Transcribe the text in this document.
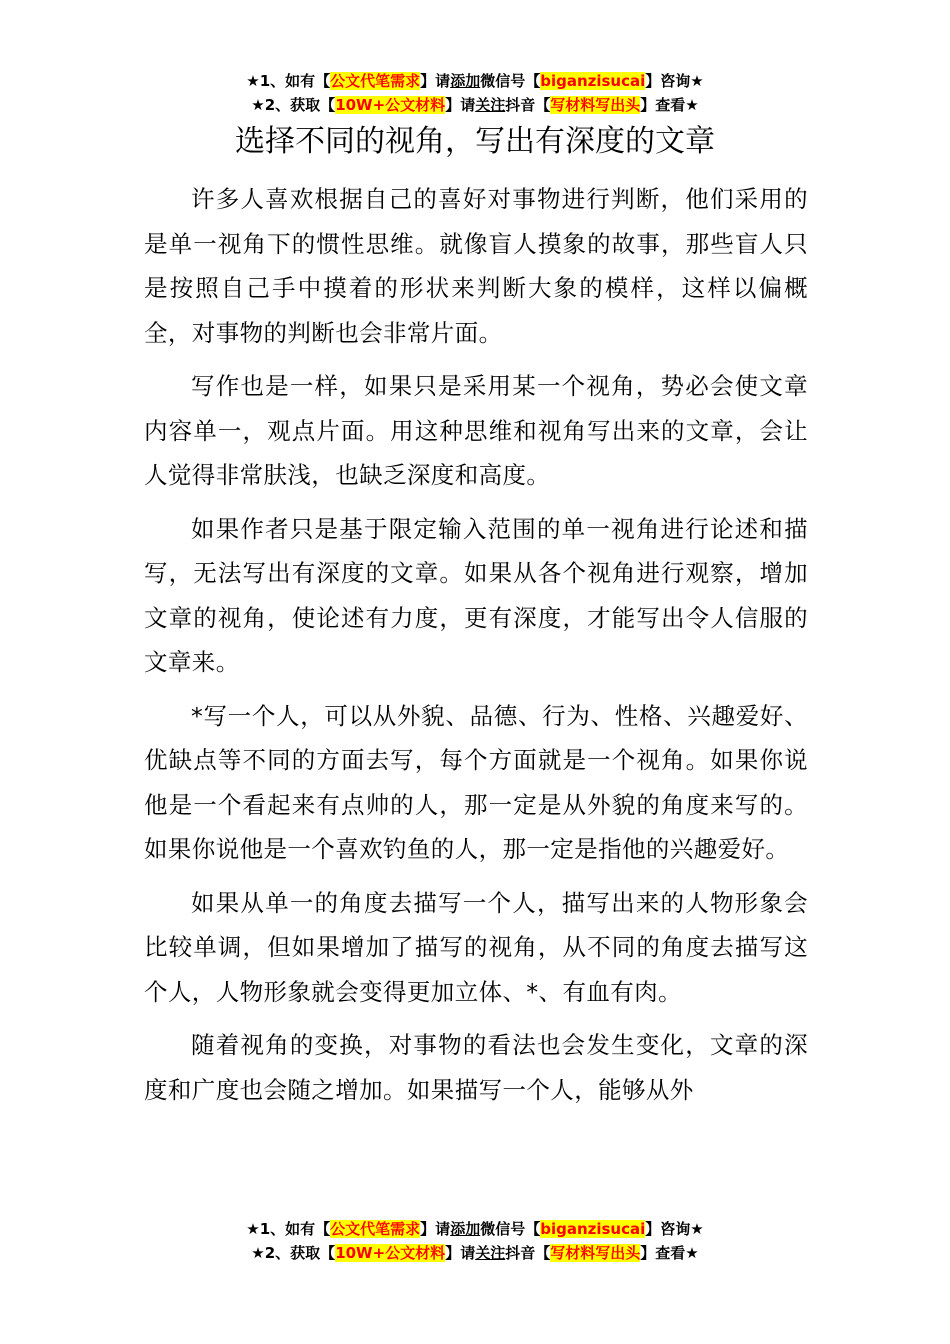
★1、如有【公文代笔需求】请添加微信号【biganzisucai】咨询★
★2、获取【10W+公文材料】请关注抖音【写材料写出头】查看★
选择不同的视角，写出有深度的文章

许多人喜欢根据自己的喜好对事物进行判断，他们采用的是单一视角下的惯性思维。就像盲人摸象的故事，那些盲人只是按照自己手中摸着的形状来判断大象的模样，这样以偏概全，对事物的判断也会非常片面。

写作也是一样，如果只是采用某一个视角，势必会使文章内容单一，观点片面。用这种思维和视角写出来的文章，会让人觉得非常肤浅，也缺乏深度和高度。

如果作者只是基于限定输入范围的单一视角进行论述和描写，无法写出有深度的文章。如果从各个视角进行观察，增加文章的视角，使论述有力度，更有深度，才能写出令人信服的文章来。

*写一个人，可以从外貌、品德、行为、性格、兴趣爱好、优缺点等不同的方面去写，每个方面就是一个视角。如果你说他是一个看起来有点帅的人，那一定是从外貌的角度来写的。如果你说他是一个喜欢钓鱼的人，那一定是指他的兴趣爱好。

如果从单一的角度去描写一个人，描写出来的人物形象会比较单调，但如果增加了描写的视角，从不同的角度去描写这个人，人物形象就会变得更加立体、*、有血有肉。

随着视角的变换，对事物的看法也会发生变化，文章的深度和广度也会随之增加。如果描写一个人，能够从外

★1、如有【公文代笔需求】请添加微信号【biganzisucai】咨询★
★2、获取【10W+公文材料】请关注抖音【写材料写出头】查看★
